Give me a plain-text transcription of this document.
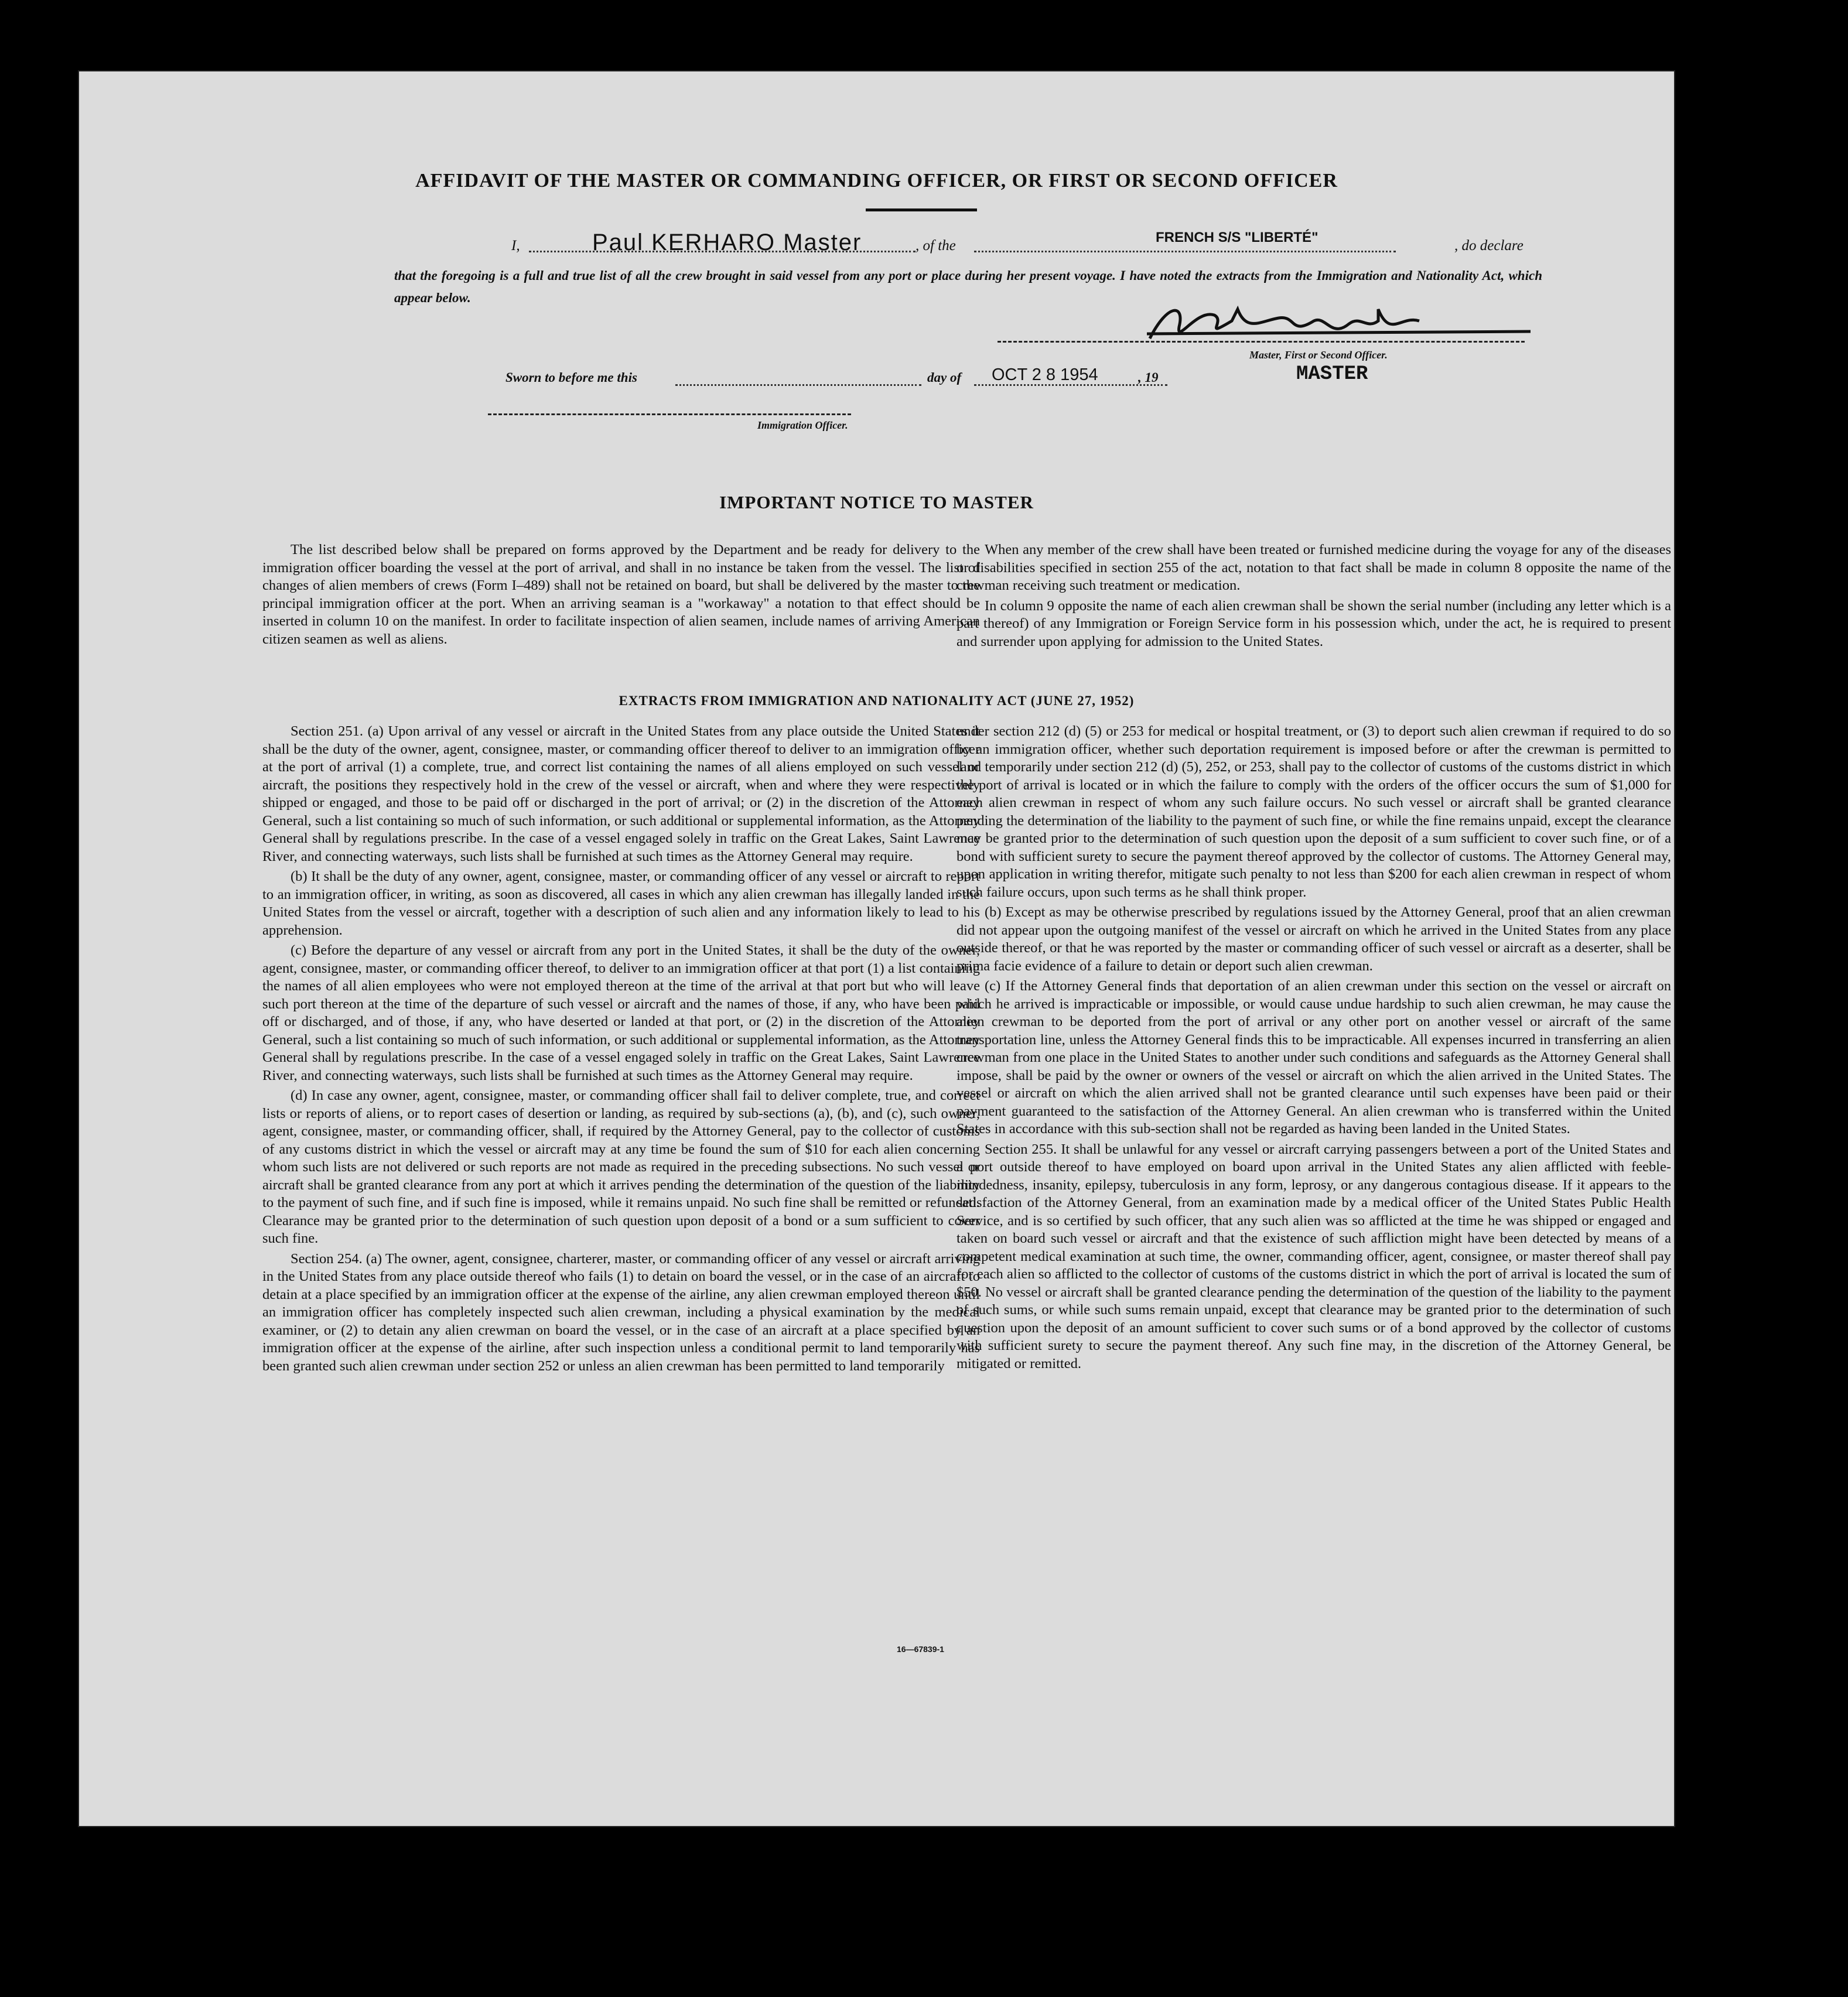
AFFIDAVIT OF THE MASTER OR COMMANDING OFFICER, OR FIRST OR SECOND OFFICER
I,	Paul KERHARO Master	, of the
FRENCH S/S "LIBERTÉ"
, do declare
that the foregoing is a full and true list of all the crew brought in said vessel from any port or place during her present voyage. I have noted the extracts from the Immigration and Nationality Act, which appear below.
Master, First or Second Officer.
MASTER
Sworn to before me this	day of OCT 2 8 1954	, 19
Immigration Officer.
IMPORTANT NOTICE TO MASTER

The list described below shall be prepared on forms approved by the Department and be ready for delivery to the immigration officer boarding the vessel at the port of arrival, and shall in no instance be taken from the vessel. The list of changes of alien members of crews (Form I–489) shall not be retained on board, but shall be delivered by the master to the principal immigration officer at the port. When an arriving seaman is a "workaway" a notation to that effect should be inserted in column 10 on the manifest. In order to facilitate inspection of alien seamen, include names of arriving American citizen seamen as well as aliens.

When any member of the crew shall have been treated or furnished medicine during the voyage for any of the diseases or disabilities specified in section 255 of the act, notation to that fact shall be made in column 8 opposite the name of the crewman receiving such treatment or medication.

In column 9 opposite the name of each alien crewman shall be shown the serial number (including any letter which is a part thereof) of any Immigration or Foreign Service form in his possession which, under the act, he is required to present and surrender upon applying for admission to the United States.

EXTRACTS FROM IMMIGRATION AND NATIONALITY ACT (JUNE 27, 1952)

Section 251. (a) Upon arrival of any vessel or aircraft in the United States from any place outside the United States it shall be the duty of the owner, agent, consignee, master, or commanding officer thereof to deliver to an immigration officer at the port of arrival (1) a complete, true, and correct list containing the names of all aliens employed on such vessel or aircraft, the positions they respectively hold in the crew of the vessel or aircraft, when and where they were respectively shipped or engaged, and those to be paid off or discharged in the port of arrival; or (2) in the discretion of the Attorney General, such a list containing so much of such information, or such additional or supplemental information, as the Attorney General shall by regulations prescribe. In the case of a vessel engaged solely in traffic on the Great Lakes, Saint Lawrence River, and connecting waterways, such lists shall be furnished at such times as the Attorney General may require.

(b) It shall be the duty of any owner, agent, consignee, master, or commanding officer of any vessel or aircraft to report to an immigration officer, in writing, as soon as discovered, all cases in which any alien crewman has illegally landed in the United States from the vessel or aircraft, together with a description of such alien and any information likely to lead to his apprehension.

(c) Before the departure of any vessel or aircraft from any port in the United States, it shall be the duty of the owner, agent, consignee, master, or commanding officer thereof, to deliver to an immigration officer at that port (1) a list containing the names of all alien employees who were not employed thereon at the time of the arrival at that port but who will leave such port thereon at the time of the departure of such vessel or aircraft and the names of those, if any, who have been paid off or discharged, and of those, if any, who have deserted or landed at that port, or (2) in the discretion of the Attorney General, such a list containing so much of such information, or such additional or supplemental information, as the Attorney General shall by regulations prescribe. In the case of a vessel engaged solely in traffic on the Great Lakes, Saint Lawrence River, and connecting waterways, such lists shall be furnished at such times as the Attorney General may require.

(d) In case any owner, agent, consignee, master, or commanding officer shall fail to deliver complete, true, and correct lists or reports of aliens, or to report cases of desertion or landing, as required by sub-sections (a), (b), and (c), such owner, agent, consignee, master, or commanding officer, shall, if required by the Attorney General, pay to the collector of customs of any customs district in which the vessel or aircraft may at any time be found the sum of $10 for each alien concerning whom such lists are not delivered or such reports are not made as required in the preceding subsections. No such vessel or aircraft shall be granted clearance from any port at which it arrives pending the determination of the question of the liability to the payment of such fine, and if such fine is imposed, while it remains unpaid. No such fine shall be remitted or refunded. Clearance may be granted prior to the determination of such question upon deposit of a bond or a sum sufficient to cover such fine.

Section 254. (a) The owner, agent, consignee, charterer, master, or commanding officer of any vessel or aircraft arriving in the United States from any place outside thereof who fails (1) to detain on board the vessel, or in the case of an aircraft to detain at a place specified by an immigration officer at the expense of the airline, any alien crewman employed thereon until an immigration officer has completely inspected such alien crewman, including a physical examination by the medical examiner, or (2) to detain any alien crewman on board the vessel, or in the case of an aircraft at a place specified by an immigration officer at the expense of the airline, after such inspection unless a conditional permit to land temporarily has been granted such alien crewman under section 252 or unless an alien crewman has been permitted to land temporarily

under section 212 (d) (5) or 253 for medical or hospital treatment, or (3) to deport such alien crewman if required to do so by an immigration officer, whether such deportation requirement is imposed before or after the crewman is permitted to land temporarily under section 212 (d) (5), 252, or 253, shall pay to the collector of customs of the customs district in which the port of arrival is located or in which the failure to comply with the orders of the officer occurs the sum of $1,000 for each alien crewman in respect of whom any such failure occurs. No such vessel or aircraft shall be granted clearance pending the determination of the liability to the payment of such fine, or while the fine remains unpaid, except the clearance may be granted prior to the determination of such question upon the deposit of a sum sufficient to cover such fine, or of a bond with sufficient surety to secure the payment thereof approved by the collector of customs. The Attorney General may, upon application in writing therefor, mitigate such penalty to not less than $200 for each alien crewman in respect of whom such failure occurs, upon such terms as he shall think proper.

(b) Except as may be otherwise prescribed by regulations issued by the Attorney General, proof that an alien crewman did not appear upon the outgoing manifest of the vessel or aircraft on which he arrived in the United States from any place outside thereof, or that he was reported by the master or commanding officer of such vessel or aircraft as a deserter, shall be prima facie evidence of a failure to detain or deport such alien crewman.

(c) If the Attorney General finds that deportation of an alien crewman under this section on the vessel or aircraft on which he arrived is impracticable or impossible, or would cause undue hardship to such alien crewman, he may cause the alien crewman to be deported from the port of arrival or any other port on another vessel or aircraft of the same transportation line, unless the Attorney General finds this to be impracticable. All expenses incurred in transferring an alien crewman from one place in the United States to another under such conditions and safeguards as the Attorney General shall impose, shall be paid by the owner or owners of the vessel or aircraft on which the alien arrived in the United States. The vessel or aircraft on which the alien arrived shall not be granted clearance until such expenses have been paid or their payment guaranteed to the satisfaction of the Attorney General. An alien crewman who is transferred within the United States in accordance with this sub-section shall not be regarded as having been landed in the United States.

Section 255. It shall be unlawful for any vessel or aircraft carrying passengers between a port of the United States and a port outside thereof to have employed on board upon arrival in the United States any alien afflicted with feeble-mindedness, insanity, epilepsy, tuberculosis in any form, leprosy, or any dangerous contagious disease. If it appears to the satisfaction of the Attorney General, from an examination made by a medical officer of the United States Public Health Service, and is so certified by such officer, that any such alien was so afflicted at the time he was shipped or engaged and taken on board such vessel or aircraft and that the existence of such affliction might have been detected by means of a competent medical examination at such time, the owner, commanding officer, agent, consignee, or master thereof shall pay for each alien so afflicted to the collector of customs of the customs district in which the port of arrival is located the sum of $50. No vessel or aircraft shall be granted clearance pending the determination of the question of the liability to the payment of such sums, or while such sums remain unpaid, except that clearance may be granted prior to the determination of such question upon the deposit of an amount sufficient to cover such sums or of a bond approved by the collector of customs with sufficient surety to secure the payment thereof. Any such fine may, in the discretion of the Attorney General, be mitigated or remitted.

16—67839-1
